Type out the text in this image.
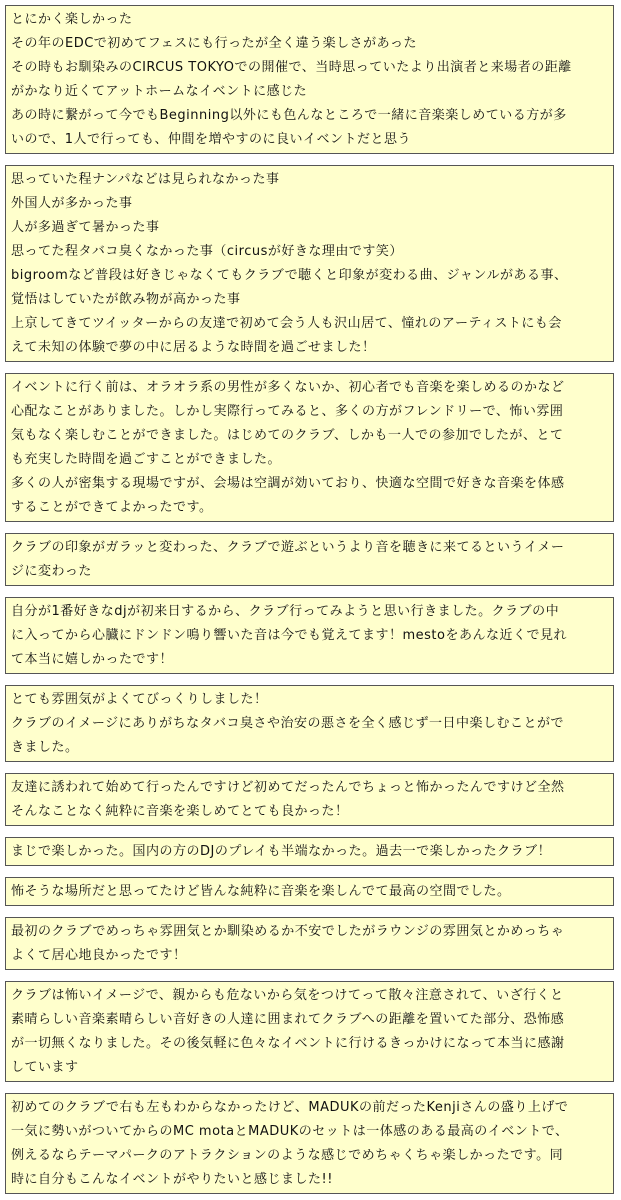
とにかく楽しかった
その年のEDCで初めてフェスにも行ったが全く違う楽しさがあった
その時もお馴染みのCIRCUS TOKYOでの開催で、当時思っていたより出演者と来場者の距離
がかなり近くてアットホームなイベントに感じた
あの時に繋がって今でもBeginning以外にも色んなところで一緒に音楽楽しめている方が多
いので、1人で行っても、仲間を増やすのに良いイベントだと思う
思っていた程ナンパなどは見られなかった事
外国人が多かった事
人が多過ぎて暑かった事
思ってた程タバコ臭くなかった事（circusが好きな理由です笑）
bigroomなど普段は好きじゃなくてもクラブで聴くと印象が変わる曲、ジャンルがある事、
覚悟はしていたが飲み物が高かった事
上京してきてツイッターからの友達で初めて会う人も沢山居て、憧れのアーティストにも会
えて未知の体験で夢の中に居るような時間を過ごせました！
イベントに行く前は、オラオラ系の男性が多くないか、初心者でも音楽を楽しめるのかなど
心配なことがありました。しかし実際行ってみると、多くの方がフレンドリーで、怖い雰囲
気もなく楽しむことができました。はじめてのクラブ、しかも一人での参加でしたが、とて
も充実した時間を過ごすことができました。
多くの人が密集する現場ですが、会場は空調が効いており、快適な空間で好きな音楽を体感
することができてよかったです。
クラブの印象がガラッと変わった、クラブで遊ぶというより音を聴きに来てるというイメー
ジに変わった
自分が1番好きなdjが初来日するから、クラブ行ってみようと思い行きました。クラブの中
に入ってから心臓にドンドン鳴り響いた音は今でも覚えてます！mestoをあんな近くで見れ
て本当に嬉しかったです！
とても雰囲気がよくてびっくりしました！
クラブのイメージにありがちなタバコ臭さや治安の悪さを全く感じず一日中楽しむことがで
きました。
友達に誘われて始めて行ったんですけど初めてだったんでちょっと怖かったんですけど全然
そんなことなく純粋に音楽を楽しめてとても良かった！
まじで楽しかった。国内の方のDJのプレイも半端なかった。過去一で楽しかったクラブ！
怖そうな場所だと思ってたけど皆んな純粋に音楽を楽しんでて最高の空間でした。
最初のクラブでめっちゃ雰囲気とか馴染めるか不安でしたがラウンジの雰囲気とかめっちゃ
よくて居心地良かったです！
クラブは怖いイメージで、親からも危ないから気をつけてって散々注意されて、いざ行くと
素晴らしい音楽素晴らしい音好きの人達に囲まれてクラブへの距離を置いてた部分、恐怖感
が一切無くなりました。その後気軽に色々なイベントに行けるきっかけになって本当に感謝
しています
初めてのクラブで右も左もわからなかったけど、MADUKの前だったKenjiさんの盛り上げで
一気に勢いがついてからのMC motaとMADUKのセットは一体感のある最高のイベントで、
例えるならテーマパークのアトラクションのような感じでめちゃくちゃ楽しかったです。同
時に自分もこんなイベントがやりたいと感じました!!
